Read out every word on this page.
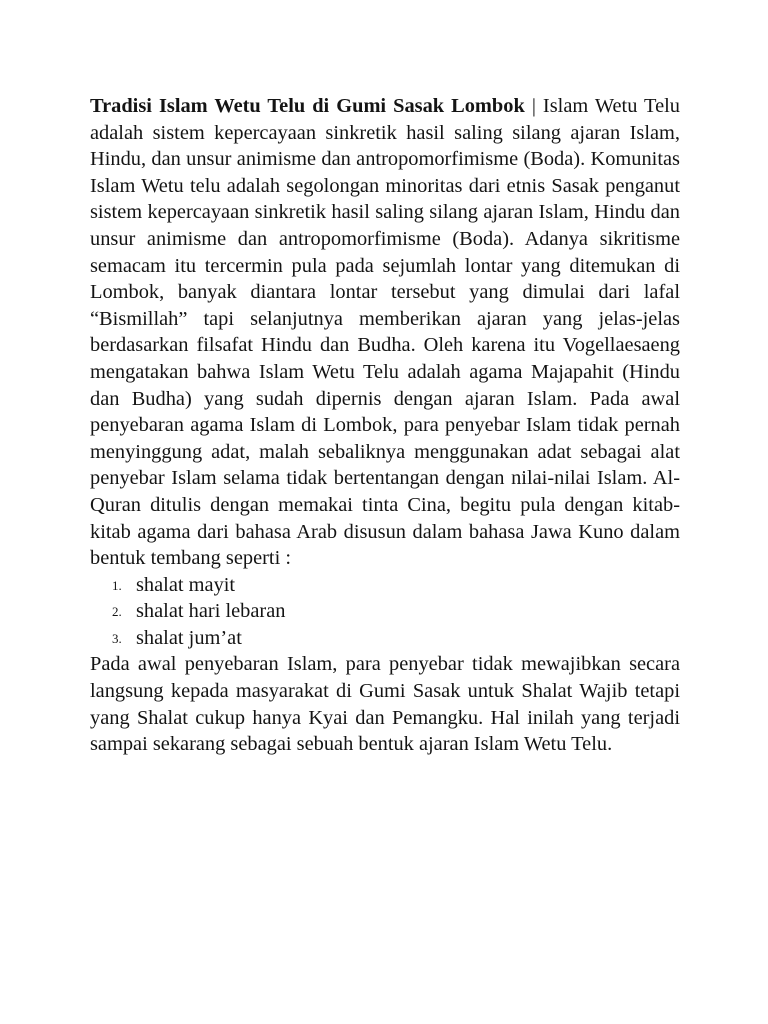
Tradisi Islam Wetu Telu di Gumi Sasak Lombok | Islam Wetu Telu adalah sistem kepercayaan sinkretik hasil saling silang ajaran Islam, Hindu, dan unsur animisme dan antropomorfimisme (Boda). Komunitas Islam Wetu telu adalah segolongan minoritas dari etnis Sasak penganut sistem kepercayaan sinkretik hasil saling silang ajaran Islam, Hindu dan unsur animisme dan antropomorfimisme (Boda). Adanya sikritisme semacam itu tercermin pula pada sejumlah lontar yang ditemukan di Lombok, banyak diantara lontar tersebut yang dimulai dari lafal “Bismillah” tapi selanjutnya memberikan ajaran yang jelas-jelas berdasarkan filsafat Hindu dan Budha. Oleh karena itu Vogellaesaeng mengatakan bahwa Islam Wetu Telu adalah agama Majapahit (Hindu dan Budha) yang sudah dipernis dengan ajaran Islam. Pada awal penyebaran agama Islam di Lombok, para penyebar Islam tidak pernah menyinggung adat, malah sebaliknya menggunakan adat sebagai alat penyebar Islam selama tidak bertentangan dengan nilai-nilai Islam. Al-Quran ditulis dengan memakai tinta Cina, begitu pula dengan kitab-kitab agama dari bahasa Arab disusun dalam bahasa Jawa Kuno dalam bentuk tembang seperti :

1. shalat mayit
2. shalat hari lebaran
3. shalat jum’at

Pada awal penyebaran Islam, para penyebar tidak mewajibkan secara langsung kepada masyarakat di Gumi Sasak untuk Shalat Wajib tetapi yang Shalat cukup hanya Kyai dan Pemangku. Hal inilah yang terjadi sampai sekarang sebagai sebuah bentuk ajaran Islam Wetu Telu.
